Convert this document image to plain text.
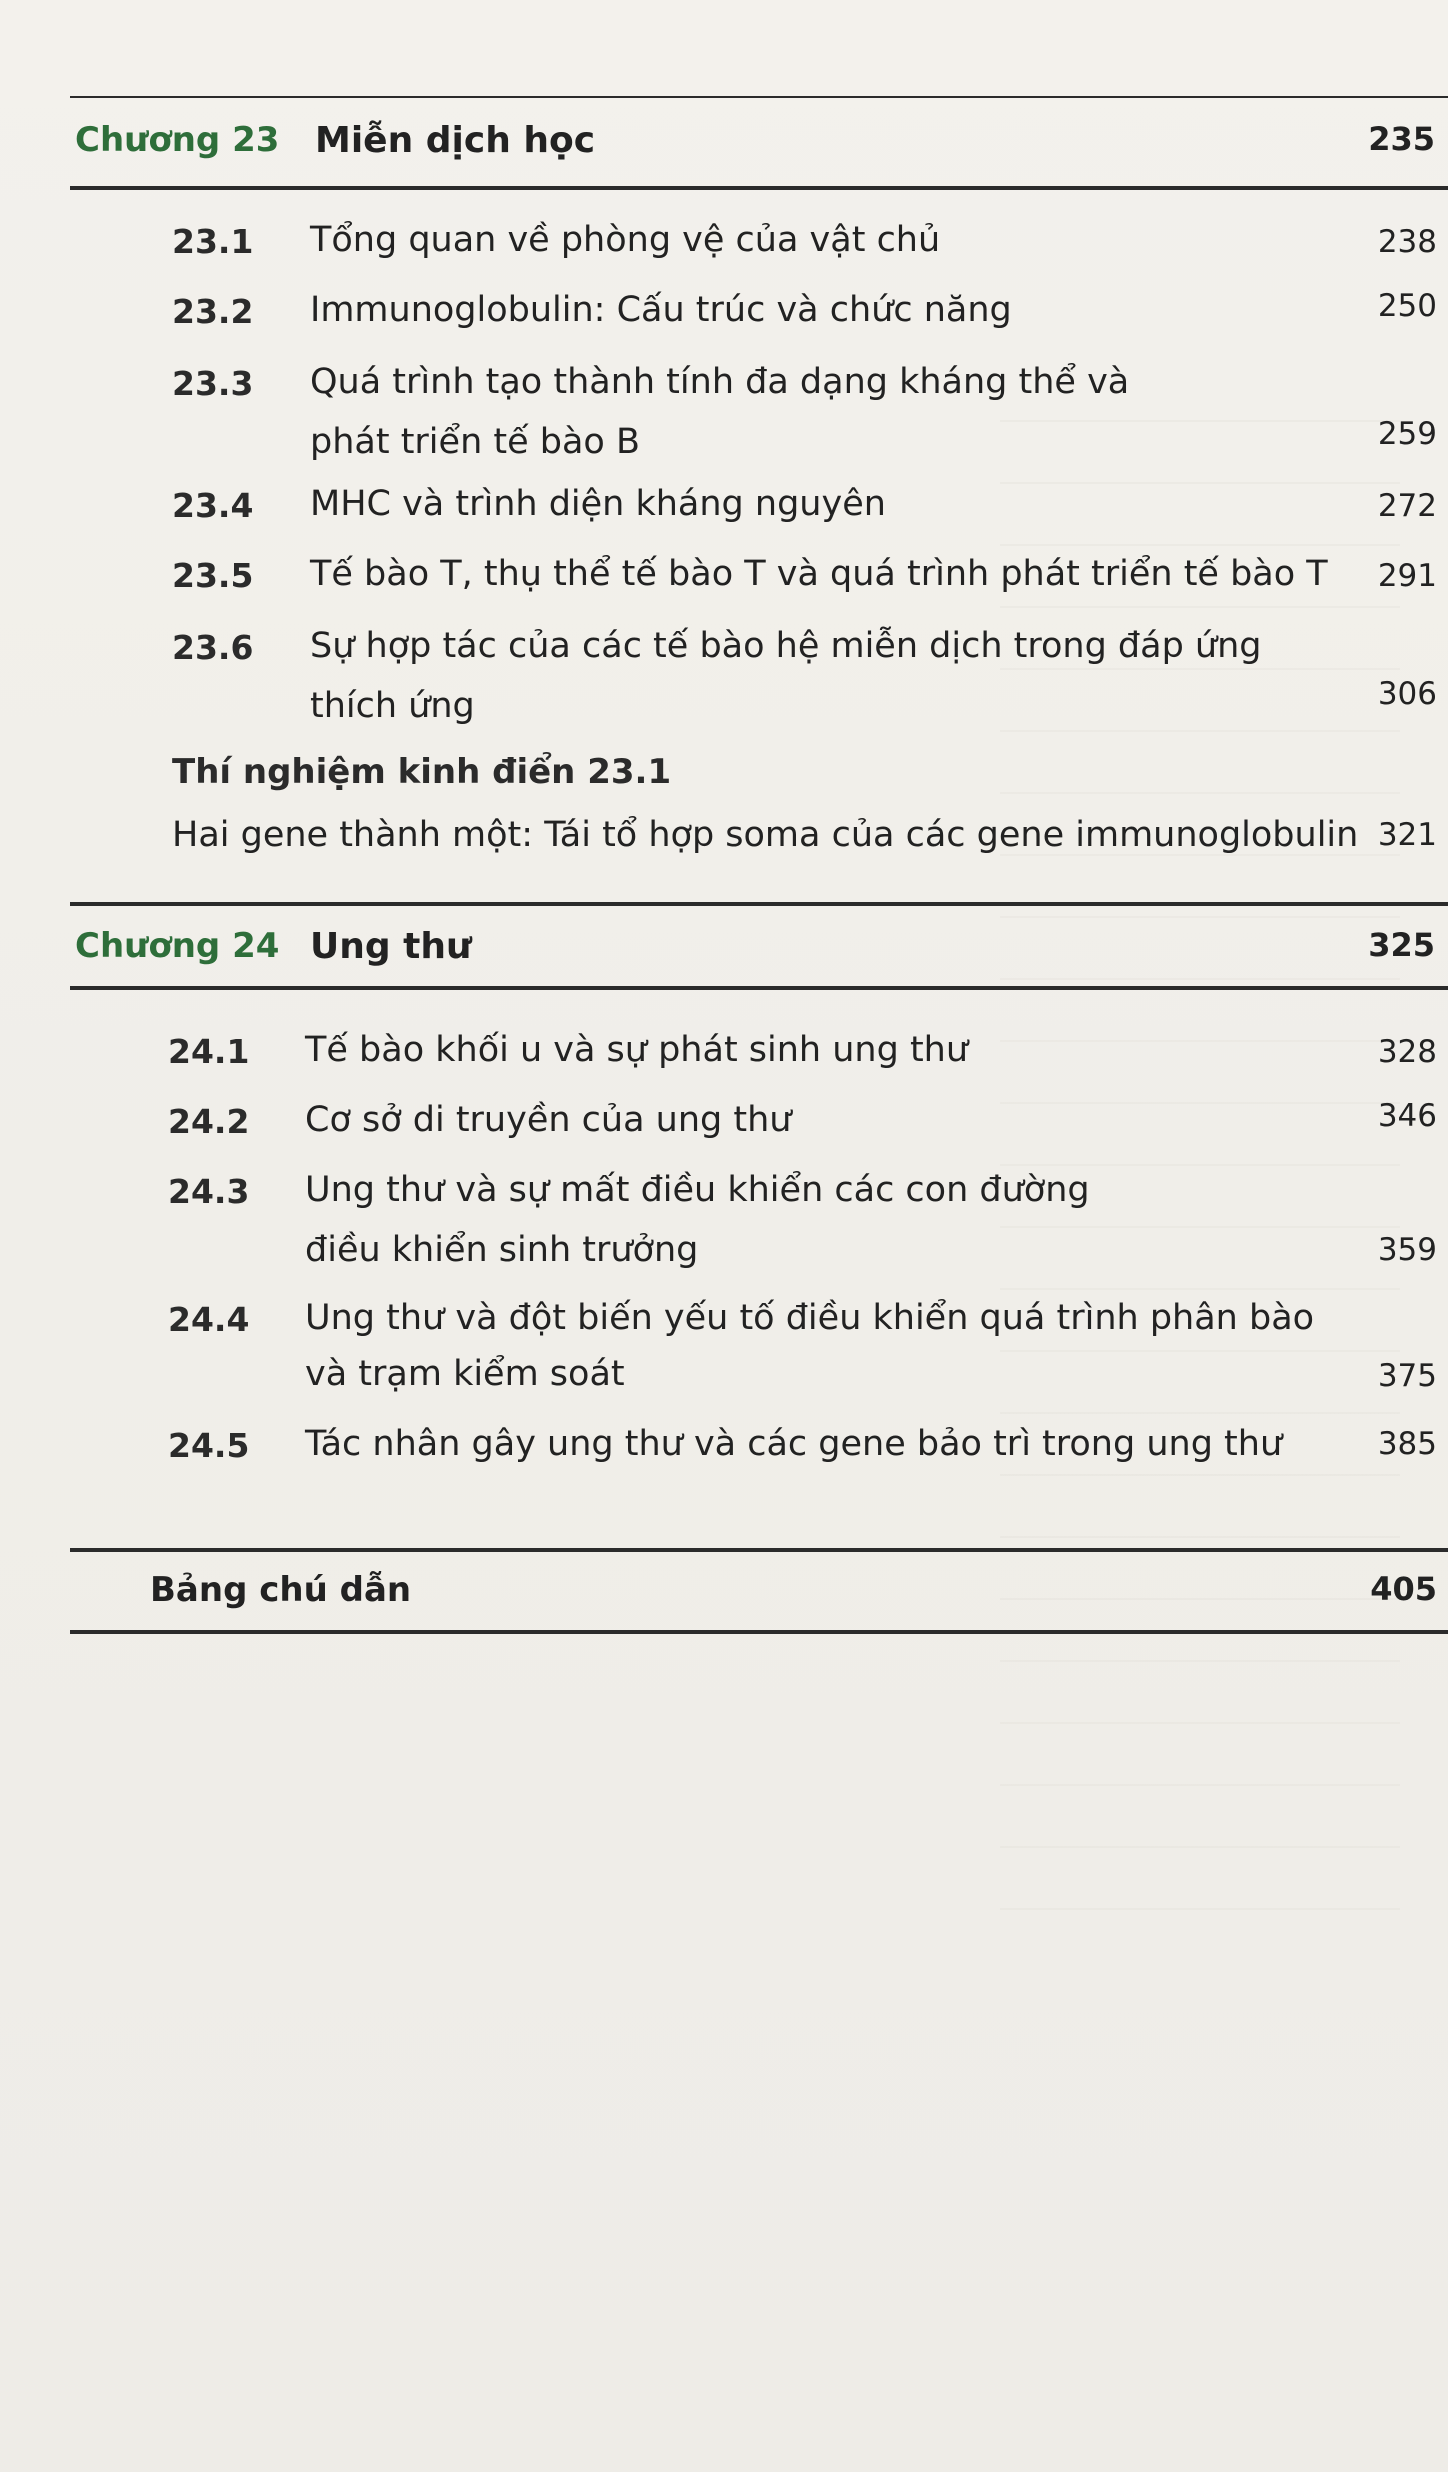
Chương 23 Miễn dịch học	235
23.1 Tổng quan về phòng vệ của vật chủ	238
23.2 Immunoglobulin: Cấu trúc và chức năng	250
23.3 Quá trình tạo thành tính đa dạng kháng thể và
phát triển tế bào B	259
23.4 MHC và trình diện kháng nguyên	272
23.5 Tế bào T, thụ thể tế bào T và quá trình phát triển tế bào T 291
23.6 Sự hợp tác của các tế bào hệ miễn dịch trong đáp ứng
thích ứng	306
Thí nghiệm kinh điển 23.1
Hai gene thành một: Tái tổ hợp soma của các gene immunoglobulin 321
Chương 24 Ung thư	325
24.1 Tế bào khối u và sự phát sinh ung thư	328
24.2 Cơ sở di truyền của ung thư	346
24.3 Ung thư và sự mất điều khiển các con đường
điều khiển sinh trưởng	359
24.4 Ung thư và đột biến yếu tố điều khiển quá trình phân bào
và trạm kiểm soát	375
24.5 Tác nhân gây ung thư và các gene bảo trì trong ung thư	385
Bảng chú dẫn	405
